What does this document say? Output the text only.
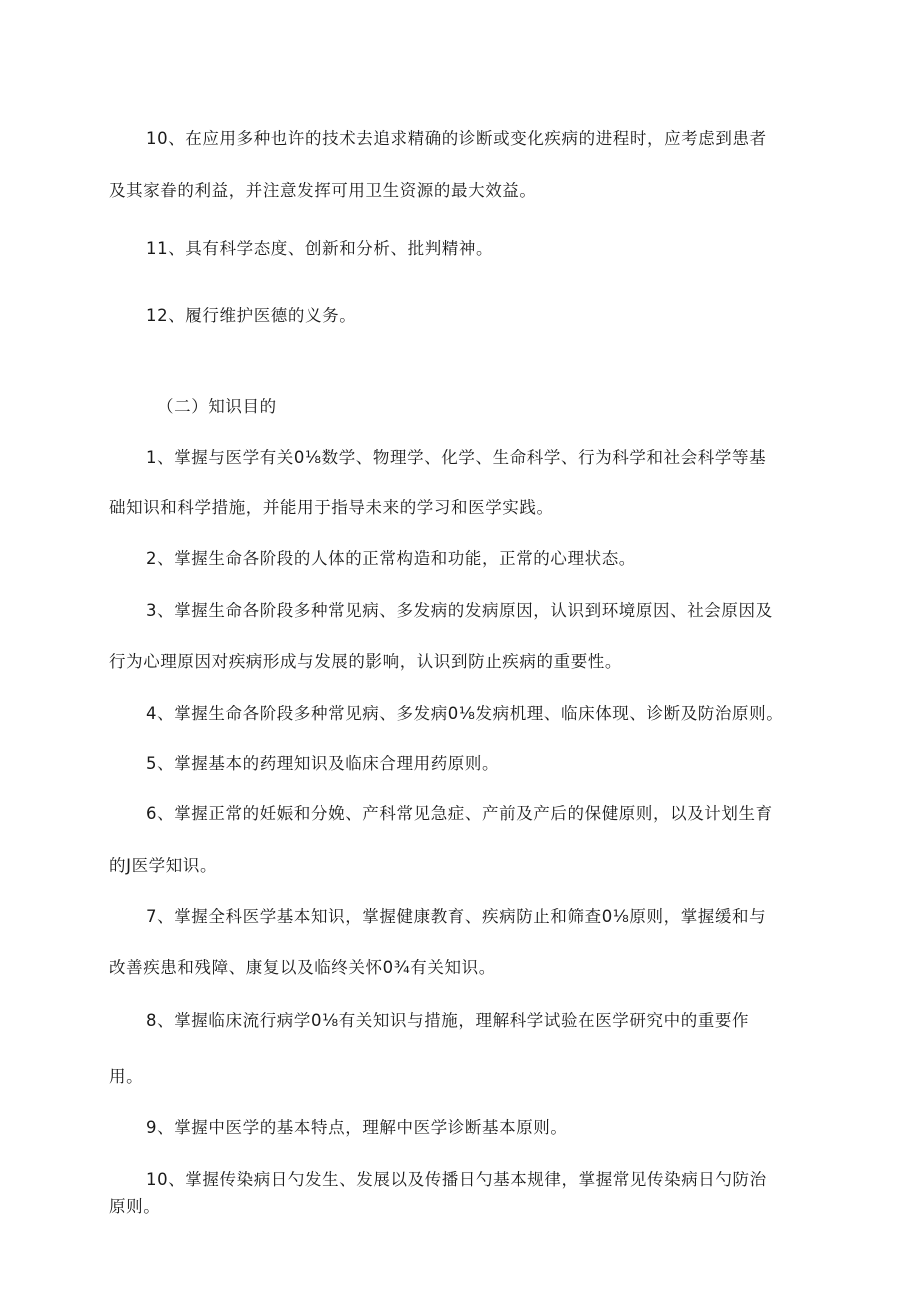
10、在应用多种也许的技术去追求精确的诊断或变化疾病的进程时，应考虑到患者
及其家眷的利益，并注意发挥可用卫生资源的最大效益。
11、具有科学态度、创新和分析、批判精神。
12、履行维护医德的义务。
（二）知识目的
1、掌握与医学有关0⅛数学、物理学、化学、生命科学、行为科学和社会科学等基
础知识和科学措施，并能用于指导未来的学习和医学实践。
2、掌握生命各阶段的人体的正常构造和功能，正常的心理状态。
3、掌握生命各阶段多种常见病、多发病的发病原因，认识到环境原因、社会原因及
行为心理原因对疾病形成与发展的影响，认识到防止疾病的重要性。
4、掌握生命各阶段多种常见病、多发病0⅛发病机理、临床体现、诊断及防治原则。
5、掌握基本的药理知识及临床合理用药原则。
6、掌握正常的妊娠和分娩、产科常见急症、产前及产后的保健原则，以及计划生育
的J医学知识。
7、掌握全科医学基本知识，掌握健康教育、疾病防止和筛查0⅛原则，掌握缓和与
改善疾患和残障、康复以及临终关怀0¾有关知识。
8、掌握临床流行病学0⅛有关知识与措施，理解科学试验在医学研究中的重要作
用。
9、掌握中医学的基本特点，理解中医学诊断基本原则。
10、掌握传染病日勺发生、发展以及传播日勺基本规律，掌握常见传染病日勺防治
原则。
